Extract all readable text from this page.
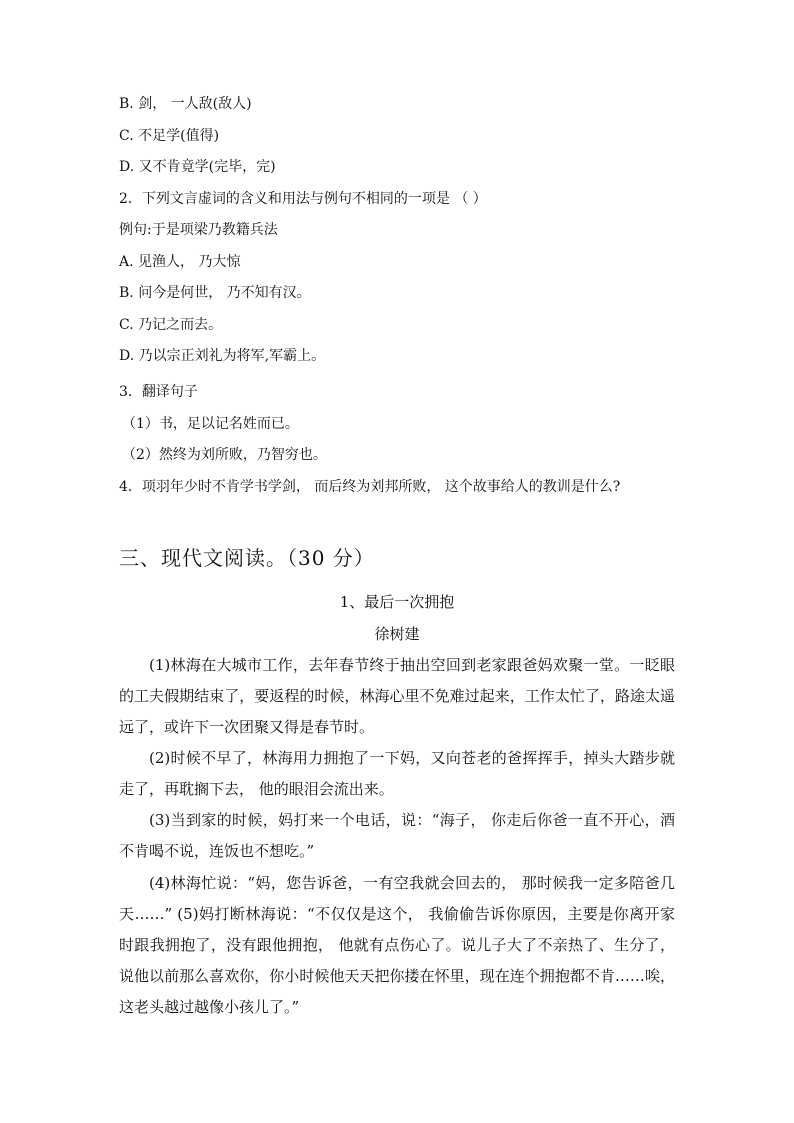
B. 剑， 一人敌(敌人)
C. 不足学(值得)
D. 又不肯竟学(完毕，完)
2．下列文言虚词的含义和用法与例句不相同的一项是 （ ）
例句:于是项梁乃教籍兵法
A. 见渔人， 乃大惊
B. 问今是何世， 乃不知有汉。
C. 乃记之而去。
D. 乃以宗正刘礼为将军,军霸上。
3．翻译句子
（1）书，足以记名姓而已。
（2）然终为刘所败，乃智穷也。
4．项羽年少时不肯学书学剑， 而后终为刘邦所败， 这个故事给人的教训是什么?
三、现代文阅读。（30 分）
1、最后一次拥抱
徐树建
(1)林海在大城市工作，去年春节终于抽出空回到老家跟爸妈欢聚一堂。一眨眼的工夫假期结束了，要返程的时候，林海心里不免难过起来，工作太忙了，路途太遥远了，或许下一次团聚又得是春节时。
(2)时候不早了，林海用力拥抱了一下妈，又向苍老的爸挥挥手，掉头大踏步就走了，再耽搁下去， 他的眼泪会流出来。
(3)当到家的时候，妈打来一个电话，说：“海子， 你走后你爸一直不开心，酒不肯喝不说，连饭也不想吃。”
(4)林海忙说：“妈，您告诉爸，一有空我就会回去的， 那时候我一定多陪爸几天……” (5)妈打断林海说：“不仅仅是这个， 我偷偷告诉你原因，主要是你离开家时跟我拥抱了，没有跟他拥抱， 他就有点伤心了。说儿子大了不亲热了、生分了，说他以前那么喜欢你，你小时候他天天把你搂在怀里，现在连个拥抱都不肯……唉，这老头越过越像小孩儿了。”
